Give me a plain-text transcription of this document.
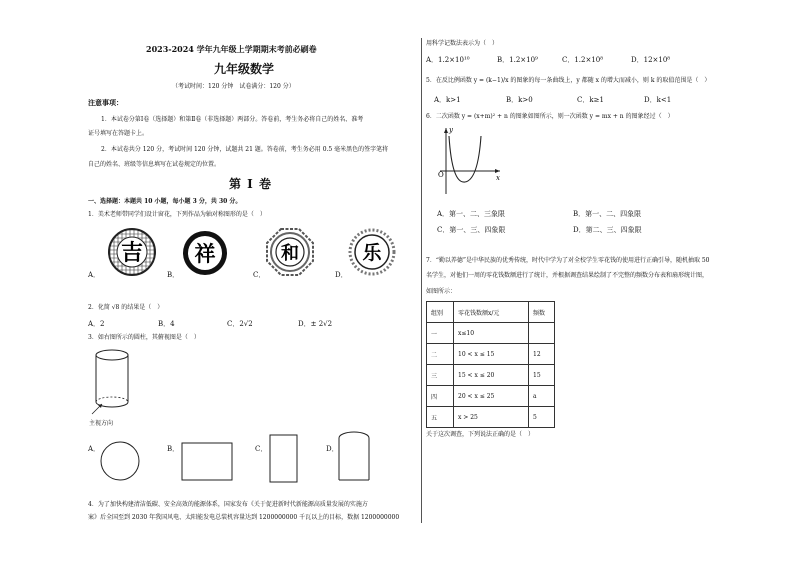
2023-2024 学年九年级上学期期末考前必刷卷
九年级数学
（考试时间：120 分钟　试卷满分：120 分）
注意事项：
1．本试卷分第Ⅰ卷（选择题）和第Ⅱ卷（非选择题）两部分。答卷前，考生务必将自己的姓名、准考
证号填写在答题卡上。
2．本试卷共分 120 分，考试时间 120 分钟，试题共 21 题。答卷前，考生务必用 0.5 毫米黑色的签字笔将
自己的姓名、班级等信息填写在试卷规定的位置。
第 I 卷
一、选择题：本题共 10 小题，每小题 3 分，共 30 分。
1．美术老师带同学们设计窗花，下列作品为轴对称图形的是（　）
吉
A．
祥
B．
和
C．
乐
D．
2．化简 √8 的结果是（　）
A．2	B．4	C．2√2	D．± 2√2
3．如右图所示的圆柱，其俯视图是（　）
主视方向
A．	B．	C．	D．
4．为了加快构建清洁低碳、安全高效的能源体系，国家发布《关于促进新时代新能源高质量发展的实施方
案》后全国至到 2030 年我国风电、太阳能发电总装机容量达到 1200000000 千瓦以上的目标，数据 1200000000
用科学记数法表示为（　）
A．1.2×10¹⁰	B．1.2×10⁹	C．1.2×10⁸	D．12×10⁸
5．在反比例函数 y = (k−1)/x 的图象的每一条曲线上，y 都随 x 的增大而减小，则 k 的取值范围是（　）
A．k>1	B．k>0	C．k≥1	D．k<1
6．二次函数 y = (x+m)² + n 的图象如图所示，则一次函数 y = mx + n 的图象经过（　）
O	x
y
A．第一、二、三象限	B．第一、二、四象限
C．第一、三、四象限	D．第二、三、四象限
7．“勤以养德”是中华民族的优秀传统，时代中学为了对全校学生零花钱的使用进行正确引导，随机抽取 50
名学生，对他们一周的零花钱数额进行了统计，并根据调查结果绘制了不完整的频数分布表和扇形统计图，
如图所示：
组别	零花钱数额x/元	频数
一	x≤10	
二	10 < x ≤ 15	12
三	15 < x ≤ 20	15
四	20 < x ≤ 25	a
五	x > 25	5
关于这次调查，下列说法正确的是（　）
